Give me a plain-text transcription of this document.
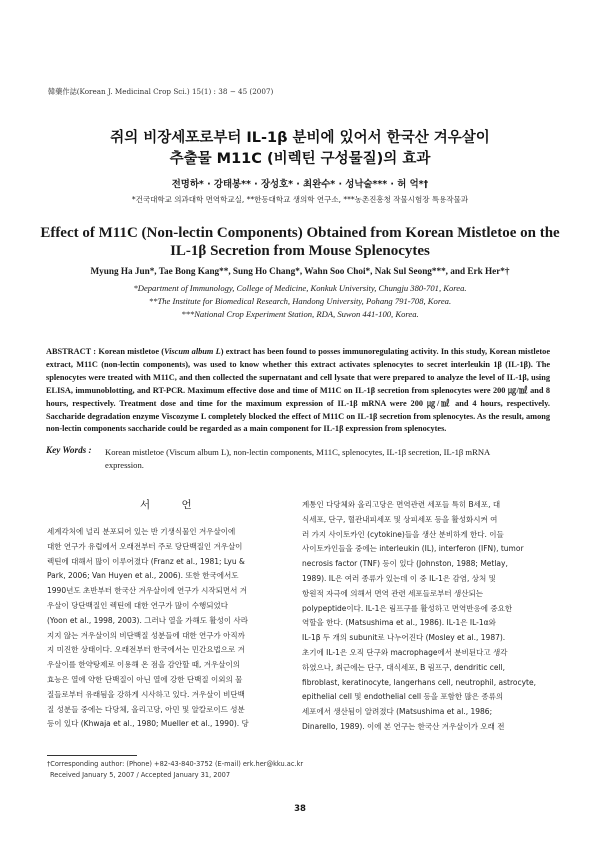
韓藥作誌(Korean J. Medicinal Crop Sci.) 15(1) : 38 − 45 (2007)
쥐의 비장세포로부터 IL-1β 분비에 있어서 한국산 겨우살이
추출물 M11C (비렉틴 구성물질)의 효과
전명하* · 강태봉** · 장성호* · 최완수* · 성낙술*** · 허 억*†
*건국대학교 의과대학 면역학교실, **한동대학교 생의학 연구소, ***농촌진흥청 작물시험장 특용작물과
Effect of M11C (Non-lectin Components) Obtained from Korean Mistletoe on the
IL-1β Secretion from Mouse Splenocytes
Myung Ha Jun*, Tae Bong Kang**, Sung Ho Chang*, Wahn Soo Choi*, Nak Sul Seong***, and Erk Her*†
*Department of Immunology, College of Medicine, Konkuk University, Chungju 380-701, Korea.
**The Institute for Biomedical Research, Handong University, Pohang 791-708, Korea.
***National Crop Experiment Station, RDA, Suwon 441-100, Korea.
ABSTRACT : Korean mistletoe (Viscum album L) extract has been found to posses immunoregulating activity. In this study, Korean mistletoe extract, M11C (non-lectin components), was used to know whether this extract activates splenocytes to secret interleukin 1β (IL-1β). The splenocytes were treated with M11C, and then collected the supernatant and cell lysate that were prepared to analyze the level of IL-1β, using ELISA, immunoblotting, and RT-PCR. Maximum effective dose and time of M11C on IL-1β secretion from splenocytes were 200 ㎍/㎖ and 8 hours, respectively. Treatment dose and time for the maximum expression of IL-1β mRNA were 200 ㎍/㎖ and 4 hours, respectively. Saccharide degradation enzyme Viscozyme L completely blocked the effect of M11C on IL-1β secretion from splenocytes. As the result, among non-lectin components saccharide could be regarded as a main component for IL-1β expression from splenocytes.
Key Words : Korean mistletoe (Viscum album L), non-lectin components, M11C, splenocytes, IL-1β secretion, IL-1β mRNA
expression.
서 언
세계각처에 널리 분포되어 있는 반 기생식물인 겨우살이에
대한 연구가 유럽에서 오래전부터 주로 당단백질인 겨우살이
렉틴에 대해서 많이 이루어졌다 (Franz et al., 1981; Lyu &
Park, 2006; Van Huyen et al., 2006). 또한 한국에서도
1990년도 초반부터 한국산 겨우살이에 연구가 시작되면서 겨
우살이 당단백질인 렉틴에 대한 연구가 많이 수행되었다
(Yoon et al., 1998, 2003). 그러나 열을 가해도 활성이 사라
지지 않는 겨우살이의 비단백질 성분들에 대한 연구가 아직까
지 미진한 상태이다. 오래전부터 한국에서는 민간요법으로 겨
우살이를 한약탕제로 이용해 온 점을 감안할 때, 겨우살이의
효능은 열에 약한 단백질이 아닌 열에 강한 단백질 이외의 물
질들로부터 유래됨을 강하게 시사하고 있다. 겨우살이 비단백
질 성분들 중에는 다당체, 올리고당, 아민 및 알칼로이드 성분
등이 있다 (Khwaja et al., 1980; Mueller et al., 1990). 당
계통인 다당체와 올리고당은 면역관련 세포들 특히 B세포, 대
식세포, 단구, 혈관내피세포 및 상피세포 등을 활성화시켜 여
러 가지 사이토카인 (cytokine)들을 생산 분비하게 한다. 이들
사이토카인들을 중에는 interleukin (IL), interferon (IFN), tumor
necrosis factor (TNF) 등이 있다 (Johnston, 1988; Metlay,
1989). IL은 여러 종류가 있는데 이 중 IL-1은 감염, 상처 및
항원적 자극에 의해서 면역 관련 세포들로부터 생산되는
polypeptide이다. IL-1은 림프구를 활성하고 면역반응에 중요한
역할을 한다. (Matsushima et al., 1986). IL-1은 IL-1α와
IL-1β 두 개의 subunit로 나누어진다 (Mosley et al., 1987).
초기에 IL-1은 오직 단구와 macrophage에서 분비된다고 생각
하였으나, 최근에는 단구, 대식세포, B 림프구, dendritic cell,
fibroblast, keratinocyte, langerhans cell, neutrophil, astrocyte,
epithelial cell 및 endothelial cell 등을 포함한 많은 종류의
세포에서 생산됨이 알려졌다 (Matsushima et al., 1986;
Dinarello, 1989). 이에 본 연구는 한국산 겨우살이가 오래 전
†Corresponding author: (Phone) +82-43-840-3752 (E-mail) erk.her@kku.ac.kr
Received January 5, 2007 / Accepted January 31, 2007
38
